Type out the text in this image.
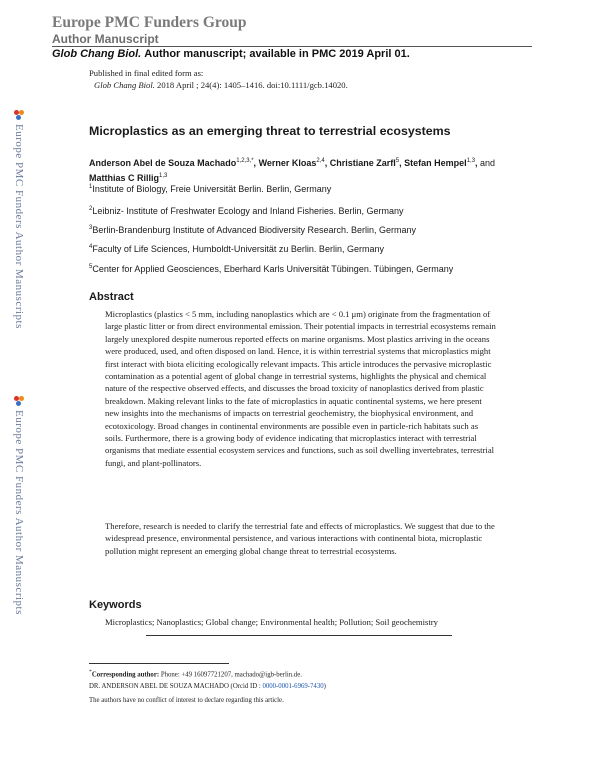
Europe PMC Funders Group
Author Manuscript
Glob Chang Biol. Author manuscript; available in PMC 2019 April 01.
Published in final edited form as:
Glob Chang Biol. 2018 April ; 24(4): 1405–1416. doi:10.1111/gcb.14020.
Europe PMC Funders Author Manuscripts
Europe PMC Funders Author Manuscripts
Microplastics as an emerging threat to terrestrial ecosystems
Anderson Abel de Souza Machado$^{1,2,3,*}$, Werner Kloas$^{2,4}$, Christiane Zarfl$^5$, Stefan Hempel$^{1,3}$, and Matthias C Rillig$^{1,3}$
$^1$Institute of Biology, Freie Universität Berlin. Berlin, Germany
$^2$Leibniz- Institute of Freshwater Ecology and Inland Fisheries. Berlin, Germany
$^3$Berlin-Brandenburg Institute of Advanced Biodiversity Research. Berlin, Germany
$^4$Faculty of Life Sciences, Humboldt-Universität zu Berlin. Berlin, Germany
$^5$Center for Applied Geosciences, Eberhard Karls Universität Tübingen. Tübingen, Germany
Abstract
Microplastics (plastics < 5 mm, including nanoplastics which are < 0.1 μm) originate from the fragmentation of large plastic litter or from direct environmental emission. Their potential impacts in terrestrial ecosystems remain largely unexplored despite numerous reported effects on marine organisms. Most plastics arriving in the oceans were produced, used, and often disposed on land. Hence, it is within terrestrial systems that microplastics might first interact with biota eliciting ecologically relevant impacts. This article introduces the pervasive microplastic contamination as a potential agent of global change in terrestrial systems, highlights the physical and chemical nature of the respective observed effects, and discusses the broad toxicity of nanoplastics derived from plastic breakdown. Making relevant links to the fate of microplastics in aquatic continental systems, we here present new insights into the mechanisms of impacts on terrestrial geochemistry, the biophysical environment, and ecotoxicology. Broad changes in continental environments are possible even in particle-rich habitats such as soils. Furthermore, there is a growing body of evidence indicating that microplastics interact with terrestrial organisms that mediate essential ecosystem services and functions, such as soil dwelling invertebrates, terrestrial fungi, and plant-pollinators.
Therefore, research is needed to clarify the terrestrial fate and effects of microplastics. We suggest that due to the widespread presence, environmental persistence, and various interactions with continental biota, microplastic pollution might represent an emerging global change threat to terrestrial ecosystems.
Keywords
Microplastics; Nanoplastics; Global change; Environmental health; Pollution; Soil geochemistry
*Corresponding author: Phone: +49 16097721207, machado@igb-berlin.de.
DR. ANDERSON ABEL DE SOUZA MACHADO (Orcid ID : 0000-0001-6969-7430)
The authors have no conflict of interest to declare regarding this article.
